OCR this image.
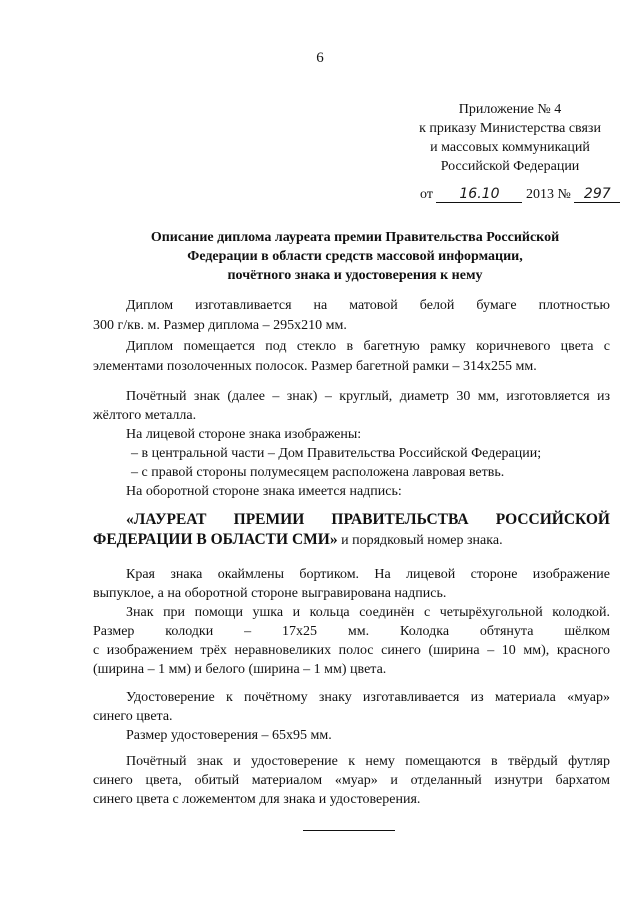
6
Приложение № 4
к приказу Министерства связи
и массовых коммуникаций
Российской Федерации
от 16.10 2013 № 297
Описание диплома лауреата премии Правительства Российской
Федерации в области средств массовой информации,
почётного знака и удостоверения к нему
Диплом изготавливается на матовой белой бумаге плотностью
300 г/кв. м. Размер диплома – 295х210 мм.
Диплом помещается под стекло в багетную рамку коричневого цвета с
элементами позолоченных полосок. Размер багетной рамки – 314х255 мм.
Почётный знак (далее – знак) – круглый, диаметр 30 мм, изготовляется из
жёлтого металла.
На лицевой стороне знака изображены:
– в центральной части – Дом Правительства Российской Федерации;
– с правой стороны полумесяцем расположена лавровая ветвь.
На оборотной стороне знака имеется надпись:
«ЛАУРЕАТ ПРЕМИИ ПРАВИТЕЛЬСТВА РОССИЙСКОЙ
ФЕДЕРАЦИИ В ОБЛАСТИ СМИ» и порядковый номер знака.
Края знака окаймлены бортиком. На лицевой стороне изображение
выпуклое, а на оборотной стороне выгравирована надпись.
Знак при помощи ушка и кольца соединён с четырёхугольной колодкой.
Размер колодки – 17х25 мм. Колодка обтянута шёлком
с изображением трёх неравновеликих полос синего (ширина – 10 мм), красного
(ширина – 1 мм) и белого (ширина – 1 мм) цвета.
Удостоверение к почётному знаку изготавливается из материала «муар»
синего цвета.
Размер удостоверения – 65х95 мм.
Почётный знак и удостоверение к нему помещаются в твёрдый футляр
синего цвета, обитый материалом «муар» и отделанный изнутри бархатом
синего цвета с ложементом для знака и удостоверения.
